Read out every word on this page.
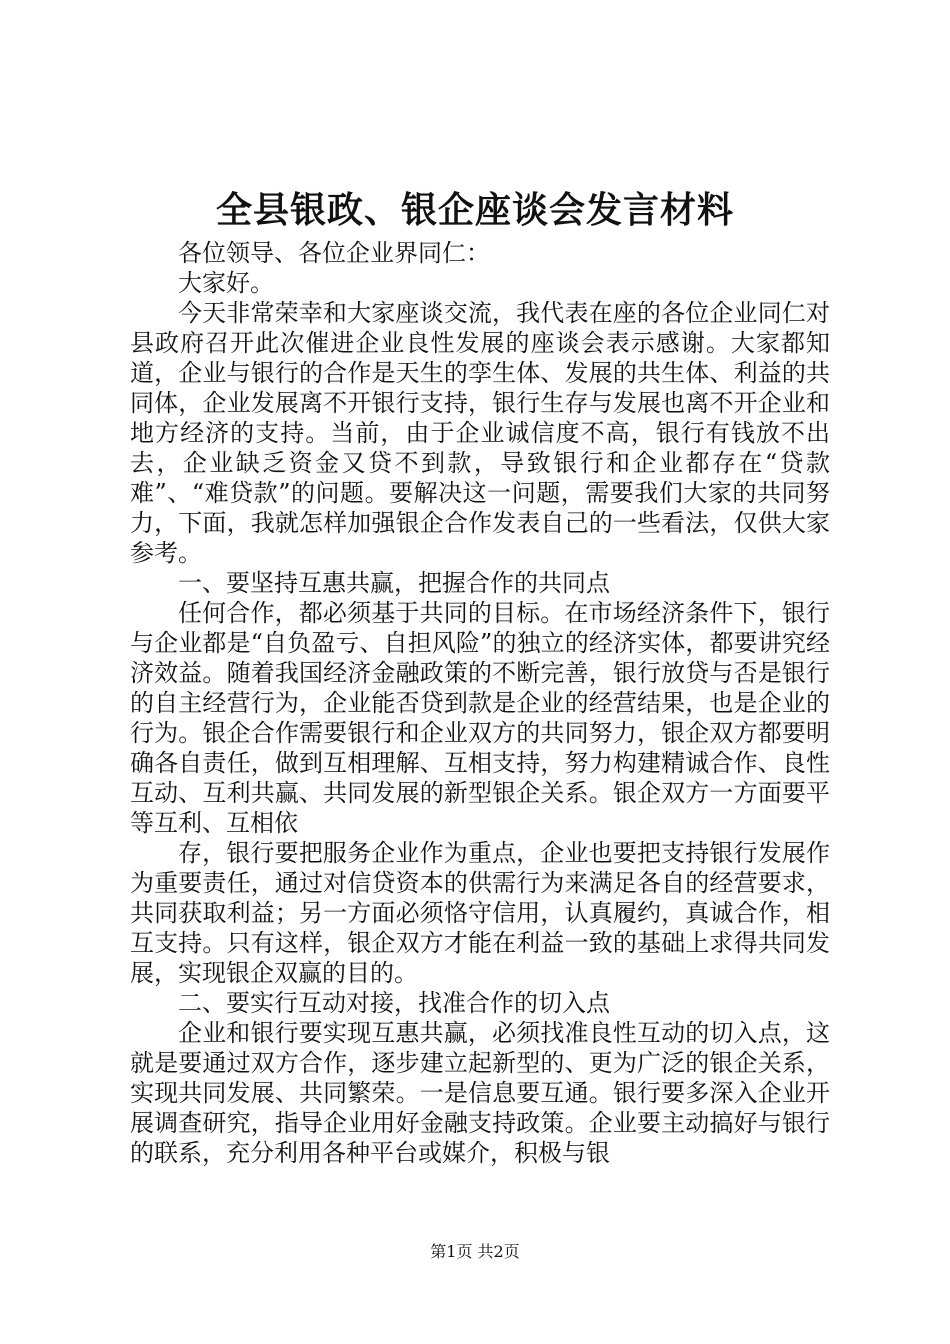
全县银政、银企座谈会发言材料

各位领导、各位企业界同仁：

大家好。

今天非常荣幸和大家座谈交流，我代表在座的各位企业同仁对县政府召开此次催进企业良性发展的座谈会表示感谢。大家都知道，企业与银行的合作是天生的孪生体、发展的共生体、利益的共同体，企业发展离不开银行支持，银行生存与发展也离不开企业和地方经济的支持。当前，由于企业诚信度不高，银行有钱放不出去，企业缺乏资金又贷不到款，导致银行和企业都存在“贷款难”、“难贷款”的问题。要解决这一问题，需要我们大家的共同努力，下面，我就怎样加强银企合作发表自己的一些看法，仅供大家参考。

一、要坚持互惠共赢，把握合作的共同点

任何合作，都必须基于共同的目标。在市场经济条件下，银行与企业都是“自负盈亏、自担风险”的独立的经济实体，都要讲究经济效益。随着我国经济金融政策的不断完善，银行放贷与否是银行的自主经营行为，企业能否贷到款是企业的经营结果，也是企业的行为。银企合作需要银行和企业双方的共同努力，银企双方都要明确各自责任，做到互相理解、互相支持，努力构建精诚合作、良性互动、互利共赢、共同发展的新型银企关系。银企双方一方面要平等互利、互相依

存，银行要把服务企业作为重点，企业也要把支持银行发展作为重要责任，通过对信贷资本的供需行为来满足各自的经营要求，共同获取利益；另一方面必须恪守信用，认真履约，真诚合作，相互支持。只有这样，银企双方才能在利益一致的基础上求得共同发展，实现银企双赢的目的。

二、要实行互动对接，找准合作的切入点

企业和银行要实现互惠共赢，必须找准良性互动的切入点，这就是要通过双方合作，逐步建立起新型的、更为广泛的银企关系，实现共同发展、共同繁荣。一是信息要互通。银行要多深入企业开展调查研究，指导企业用好金融支持政策。企业要主动搞好与银行的联系，充分利用各种平台或媒介，积极与银

第1页 共2页
